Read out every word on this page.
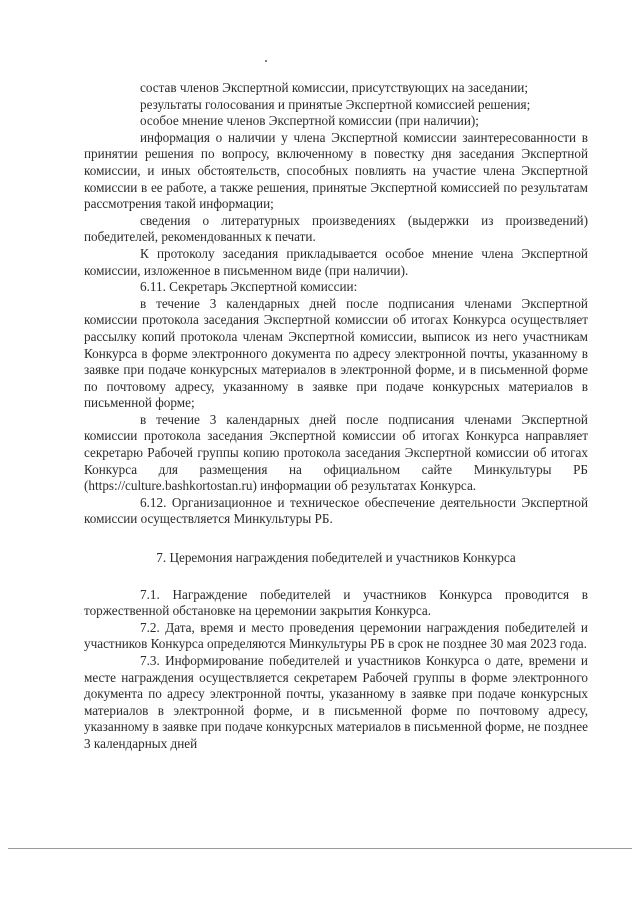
состав членов Экспертной комиссии, присутствующих на заседании;

результаты голосования и принятые Экспертной комиссией решения;

особое мнение членов Экспертной комиссии (при наличии);

информация о наличии у члена Экспертной комиссии заинтересованности в принятии решения по вопросу, включенному в повестку дня заседания Экспертной комиссии, и иных обстоятельств, способных повлиять на участие члена Экспертной комиссии в ее работе, а также решения, принятые Экспертной комиссией по результатам рассмотрения такой информации;

сведения о литературных произведениях (выдержки из произведений) победителей, рекомендованных к печати.

К протоколу заседания прикладывается особое мнение члена Экспертной комиссии, изложенное в письменном виде (при наличии).

6.11. Секретарь Экспертной комиссии:

в течение 3 календарных дней после подписания членами Экспертной комиссии протокола заседания Экспертной комиссии об итогах Конкурса осуществляет рассылку копий протокола членам Экспертной комиссии, выписок из него участникам Конкурса в форме электронного документа по адресу электронной почты, указанному в заявке при подаче конкурсных материалов в электронной форме, и в письменной форме по почтовому адресу, указанному в заявке при подаче конкурсных материалов в письменной форме;

в течение 3 календарных дней после подписания членами Экспертной комиссии протокола заседания Экспертной комиссии об итогах Конкурса направляет секретарю Рабочей группы копию протокола заседания Экспертной комиссии об итогах Конкурса для размещения на официальном сайте Минкультуры РБ (https://culture.bashkortostan.ru) информации об результатах Конкурса.

6.12. Организационное и техническое обеспечение деятельности Экспертной комиссии осуществляется Минкультуры РБ.

7. Церемония награждения победителей и участников Конкурса

7.1. Награждение победителей и участников Конкурса проводится в торжественной обстановке на церемонии закрытия Конкурса.

7.2. Дата, время и место проведения церемонии награждения победителей и участников Конкурса определяются Минкультуры РБ в срок не позднее 30 мая 2023 года.

7.3. Информирование победителей и участников Конкурса о дате, времени и месте награждения осуществляется секретарем Рабочей группы в форме электронного документа по адресу электронной почты, указанному в заявке при подаче конкурсных материалов в электронной форме, и в письменной форме по почтовому адресу, указанному в заявке при подаче конкурсных материалов в письменной форме, не позднее 3 календарных дней
